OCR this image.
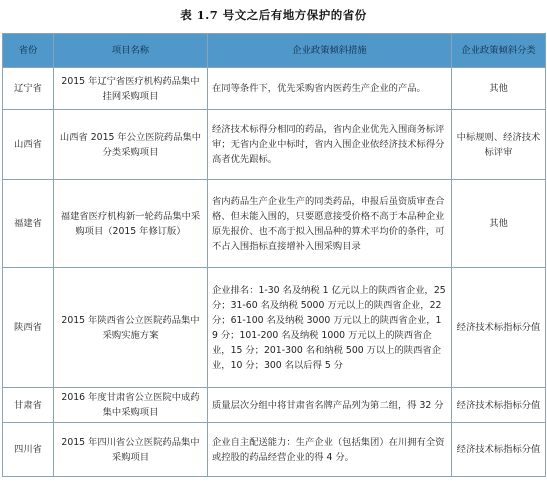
表 1.7 号文之后有地方保护的省份
省份	项目名称	企业政策倾斜措施	企业政策倾斜分类
辽宁省	2015 年辽宁省医疗机构药品集中挂网采购项目	在同等条件下，优先采购省内医药生产企业的产品。	其他
山西省	山西省 2015 年公立医院药品集中分类采购项目	经济技术标得分相同的药品，省内企业优先入围商务标评审；无省内企业中标时，省内入围企业依经济技术标得分高者优先跟标。	中标规则、经济技术标评审
福建省	福建省医疗机构新一轮药品集中采购项目（2015 年修订版）	省内药品生产企业生产的同类药品，申报后虽资质审查合格、但未能入围的，只要愿意接受价格不高于本品种企业原先报价、也不高于拟入围品种的算术平均价的条件，可不占入围指标直接增补入围采购目录	其他
陕西省	2015 年陕西省公立医院药品集中采购实施方案	企业排名：1-30 名及纳税 1 亿元以上的陕西省企业，25 分；31-60 名及纳税 5000 万元以上的陕西省企业，22 分；61-100 名及纳税 3000 万元以上的陕西省企业，19 分；101-200 名及纳税 1000 万元以上的陕西省企业，15 分；201-300 名和纳税 500 万以上的陕西省企业，10 分；300 名以后得 5 分	经济技术标指标分值
甘肃省	2016 年度甘肃省公立医院中成药集中采购项目	质量层次分组中将甘肃省名牌产品列为第二组，得 32 分	经济技术标指标分值
四川省	2015 年四川省公立医院药品集中采购项目	企业自主配送能力：生产企业（包括集团）在川拥有全资或控股的药品经营企业的得 4 分。	经济技术标指标分值
